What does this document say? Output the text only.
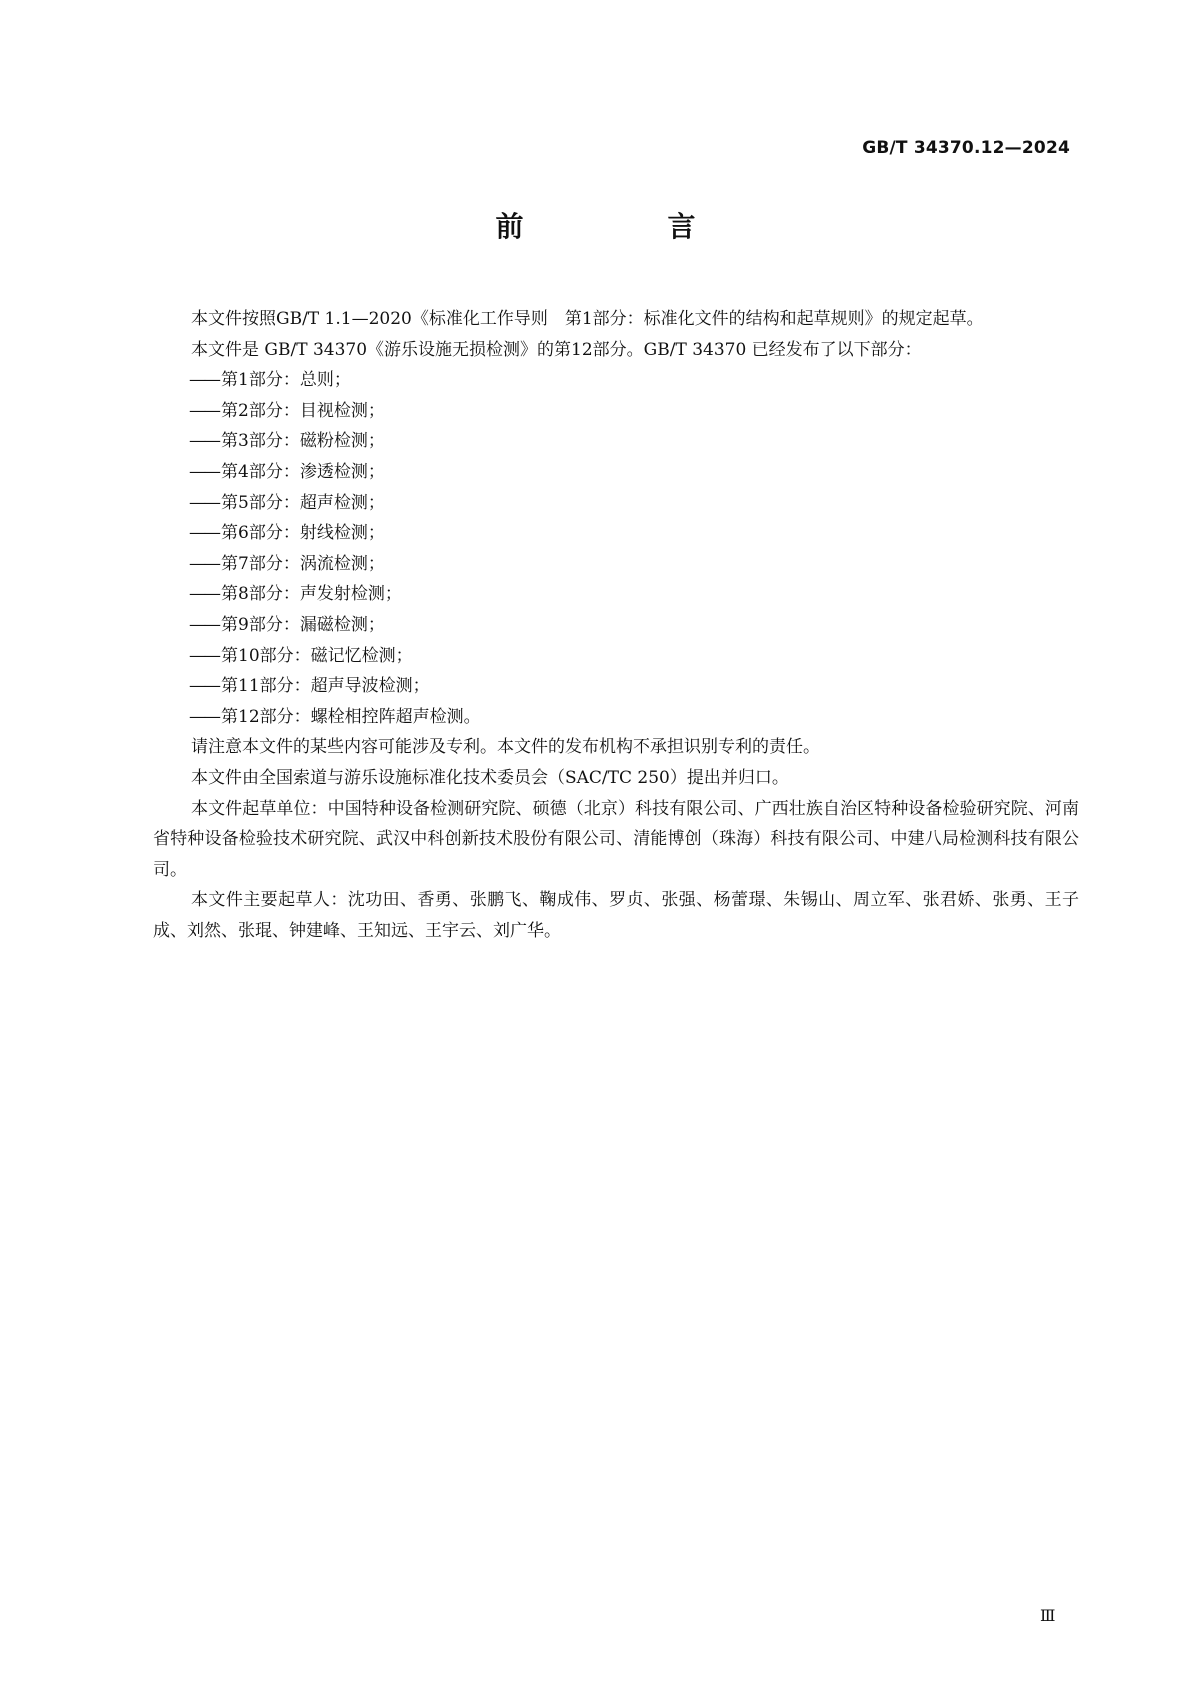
GB/T 34370.12—2024
前　言

本文件按照GB/T 1.1—2020《标准化工作导则　第1部分：标准化文件的结构和起草规则》的规定起草。

本文件是 GB/T 34370《游乐设施无损检测》的第12部分。GB/T 34370 已经发布了以下部分：

—— 第1部分：总则；

—— 第2部分：目视检测；

—— 第3部分：磁粉检测；

—— 第4部分：渗透检测；

—— 第5部分：超声检测；

—— 第6部分：射线检测；

—— 第7部分：涡流检测；

—— 第8部分：声发射检测；

—— 第9部分：漏磁检测；

—— 第10部分：磁记忆检测；

—— 第11部分：超声导波检测；

—— 第12部分：螺栓相控阵超声检测。

请注意本文件的某些内容可能涉及专利。本文件的发布机构不承担识别专利的责任。

本文件由全国索道与游乐设施标准化技术委员会（SAC/TC 250）提出并归口。

本文件起草单位：中国特种设备检测研究院、硕德（北京）科技有限公司、广西壮族自治区特种设备检验研究院、河南省特种设备检验技术研究院、武汉中科创新技术股份有限公司、清能博创（珠海）科技有限公司、中建八局检测科技有限公司。

本文件主要起草人：沈功田、香勇、张鹏飞、鞠成伟、罗贞、张强、杨蕾璟、朱锡山、周立军、张君娇、张勇、王子成、刘然、张琨、钟建峰、王知远、王宇云、刘广华。

Ⅲ
